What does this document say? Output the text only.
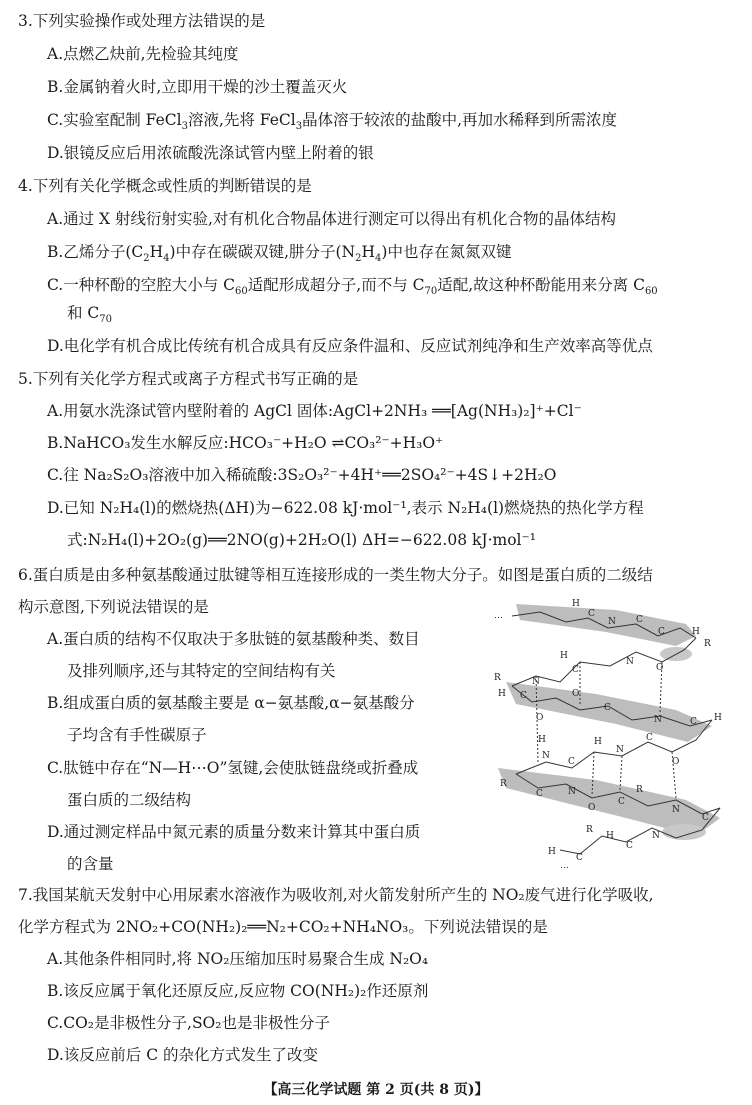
3.下列实验操作或处理方法错误的是
A.点燃乙炔前,先检验其纯度
B.金属钠着火时,立即用干燥的沙土覆盖灭火
C.实验室配制 FeCl$_3$溶液,先将 FeCl$_3$晶体溶于较浓的盐酸中,再加水稀释到所需浓度
D.银镜反应后用浓硫酸洗涤试管内壁上附着的银
4.下列有关化学概念或性质的判断错误的是
A.通过 X 射线衍射实验,对有机化合物晶体进行测定可以得出有机化合物的晶体结构
B.乙烯分子$(C_2H_4)$中存在碳碳双键,肼分子$(N_2H_4)$中也存在氮氮双键
C.一种杯酚的空腔大小与 $C_{60}$适配形成超分子,而不与 $C_{70}$适配,故这种杯酚能用来分离 $C_{60}$
和 $C_{70}$
D.电化学有机合成比传统有机合成具有反应条件温和、反应试剂纯净和生产效率高等优点
5.下列有关化学方程式或离子方程式书写正确的是
A.用氨水洗涤试管内壁附着的 AgCl 固体:AgCl+2NH₃ ══[Ag(NH₃)₂]⁺+Cl⁻
B.NaHCO₃发生水解反应:HCO₃⁻+H₂O ⇌CO₃²⁻+H₃O⁺
C.往 Na₂S₂O₃溶液中加入稀硫酸:3S₂O₃²⁻+4H⁺══2SO₄²⁻+4S↓+2H₂O
D.已知 N₂H₄(l)的燃烧热(ΔH)为−622.08 kJ·mol⁻¹,表示 N₂H₄(l)燃烧热的热化学方程
式:N₂H₄(l)+2O₂(g)══2NO(g)+2H₂O(l) ΔH=−622.08 kJ·mol⁻¹
6.蛋白质是由多种氨基酸通过肽键等相互连接形成的一类生物大分子。如图是蛋白质的二级结
构示意图,下列说法错误的是
A.蛋白质的结构不仅取决于多肽链的氨基酸种类、数目
及排列顺序,还与其特定的空间结构有关
B.组成蛋白质的氨基酸主要是 α−氨基酸,α−氨基酸分
子均含有手性碳原子
C.肽链中存在“N—H⋯O”氢键,会使肽链盘绕或折叠成
蛋白质的二级结构
D.通过测定样品中氮元素的质量分数来计算其中蛋白质
的含量
⋯
H
C
N C
C	H
R
O
N
H
C
R	N
C
H	O
C
N	C H
O
H
N
C
H
N
C
O
R
C	N
O
C
R
N
C
R
H
C
N
C
H
⋯
7.我国某航天发射中心用尿素水溶液作为吸收剂,对火箭发射所产生的 NO₂废气进行化学吸收,
化学方程式为 2NO₂+CO(NH₂)₂══N₂+CO₂+NH₄NO₃。下列说法错误的是
A.其他条件相同时,将 NO₂压缩加压时易聚合生成 N₂O₄
B.该反应属于氧化还原反应,反应物 CO(NH₂)₂作还原剂
C.CO₂是非极性分子,SO₂也是非极性分子
D.该反应前后 C 的杂化方式发生了改变
【高三化学试题 第 2 页(共 8 页)】
